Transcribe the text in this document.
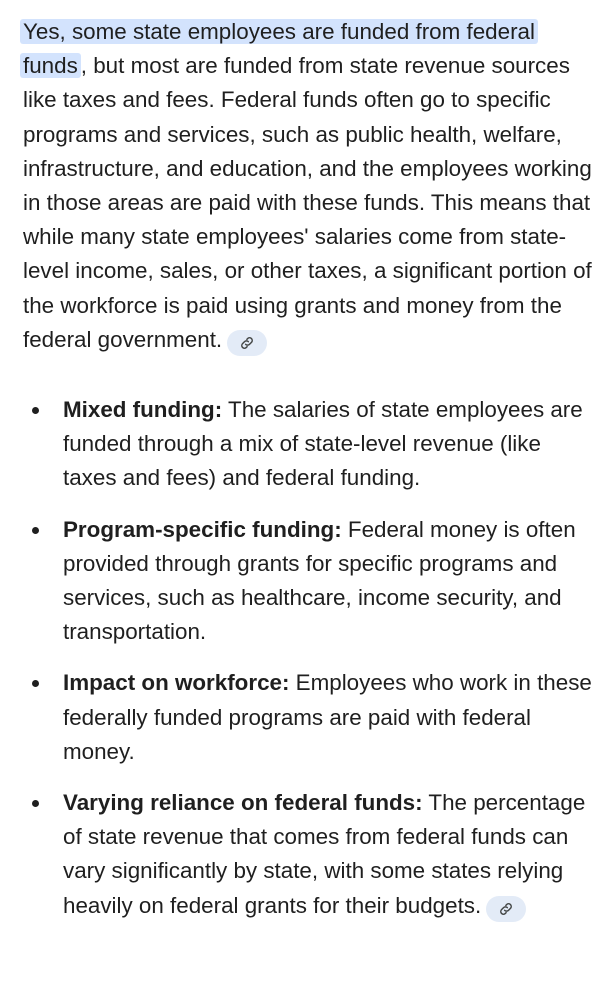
Yes, some state employees are funded from federal funds , but most are funded from state revenue sources like taxes and fees. Federal funds often go to specific programs and services, such as public health, welfare, infrastructure, and education, and the employees working in those areas are paid with these funds. This means that while many state employees' salaries come from state-level income, sales, or other taxes, a significant portion of the workforce is paid using grants and money from the federal government.

Mixed funding: The salaries of state employees are funded through a mix of state-level revenue (like taxes and fees) and federal funding.
Program-specific funding: Federal money is often provided through grants for specific programs and services, such as healthcare, income security, and transportation.
Impact on workforce: Employees who work in these federally funded programs are paid with federal money.
Varying reliance on federal funds: The percentage of state revenue that comes from federal funds can vary significantly by state, with some states relying heavily on federal grants for their budgets.
